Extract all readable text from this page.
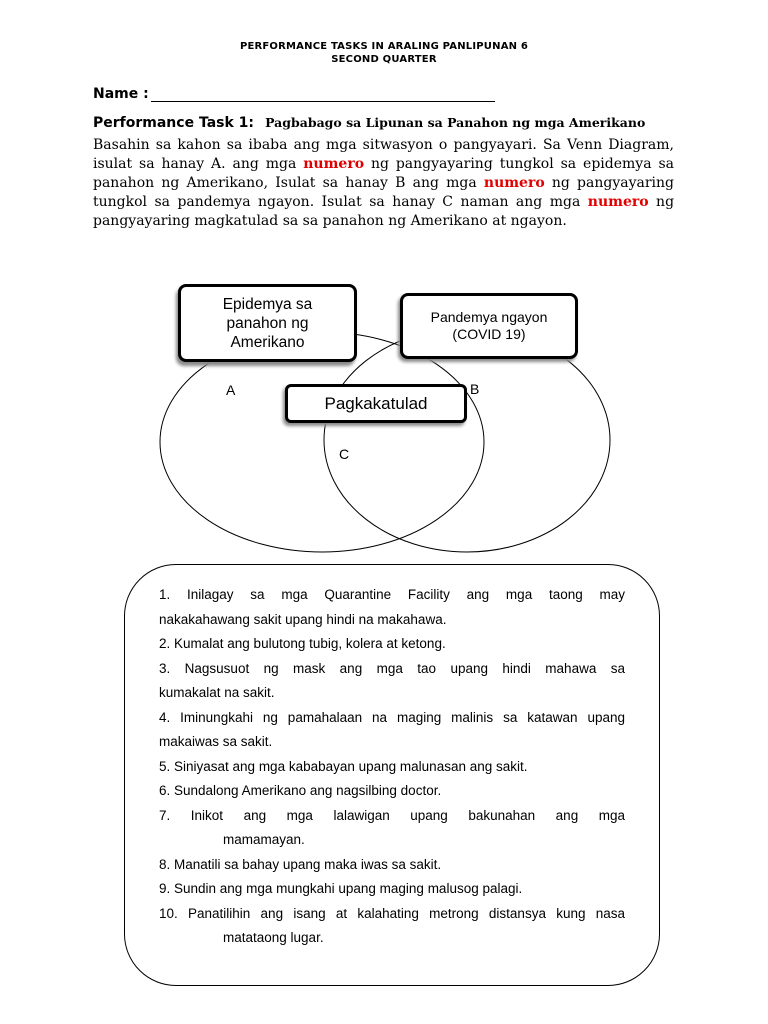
PERFORMANCE TASKS IN ARALING PANLIPUNAN 6
SECOND QUARTER
Name :
Performance Task 1: Pagbabago sa Lipunan sa Panahon ng mga Amerikano
Basahin sa kahon sa ibaba ang mga sitwasyon o pangyayari. Sa Venn Diagram, isulat sa hanay A. ang mga numero ng pangyayaring tungkol sa epidemya sa panahon ng Amerikano, Isulat sa hanay B ang mga numero ng pangyayaring tungkol sa pandemya ngayon. Isulat sa hanay C naman ang mga numero ng pangyayaring magkatulad sa sa panahon ng Amerikano at ngayon.
Epidemya sa
panahon ng
Amerikano
Pandemya ngayon
(COVID 19)
Pagkakatulad
A	B
C
1. Inilagay sa mga Quarantine Facility ang mga taong may
nakakahawang sakit upang hindi na makahawa.
2. Kumalat ang bulutong tubig, kolera at ketong.
3. Nagsusuot ng mask ang mga tao upang hindi mahawa sa
kumakalat na sakit.
4. Iminungkahi ng pamahalaan na maging malinis sa katawan upang
makaiwas sa sakit.
5. Siniyasat ang mga kababayan upang malunasan ang sakit.
6. Sundalong Amerikano ang nagsilbing doctor.
7. Inikot ang mga lalawigan upang bakunahan ang mga
mamamayan.
8. Manatili sa bahay upang maka iwas sa sakit.
9. Sundin ang mga mungkahi upang maging malusog palagi.
10. Panatilihin ang isang at kalahating metrong distansya kung nasa
matataong lugar.
